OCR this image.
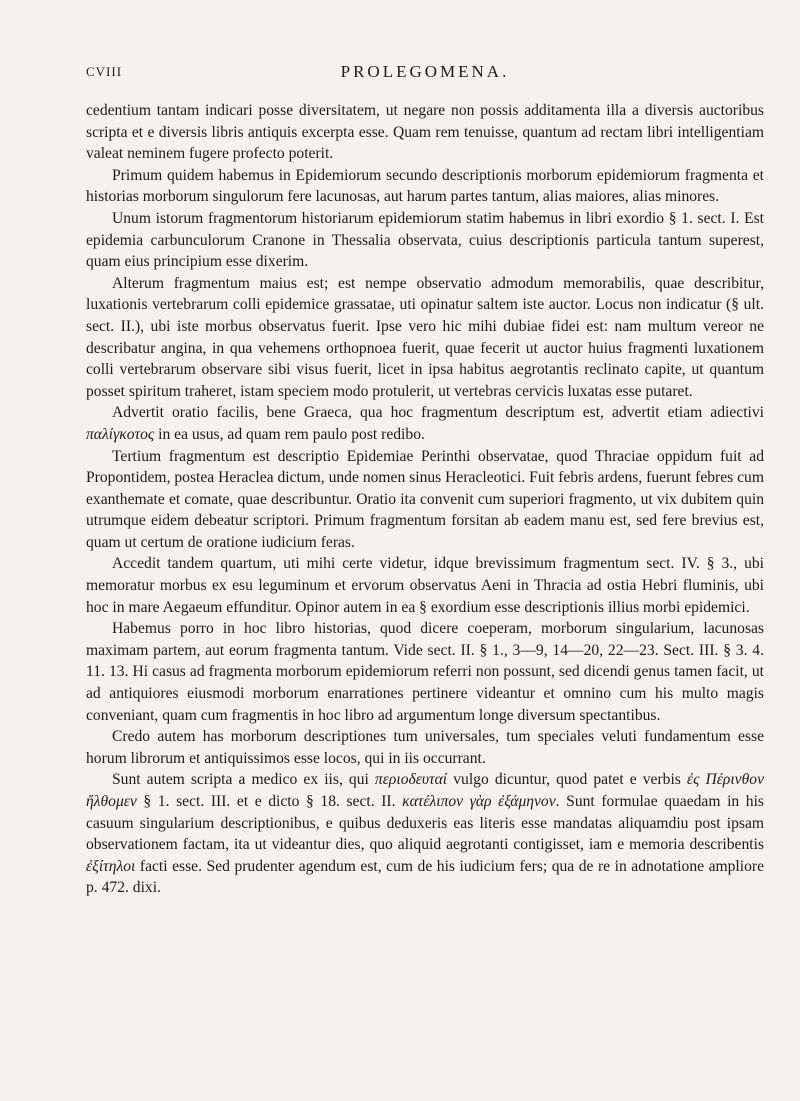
CVIII	PROLEGOMENA.

cedentium tantam indicari posse diversitatem, ut negare non possis additamenta illa a diversis auctoribus scripta et e diversis libris antiquis excerpta esse. Quam rem tenuisse, quantum ad rectam libri intelligentiam valeat neminem fugere profecto poterit.

Primum quidem habemus in Epidemiorum secundo descriptionis morborum epidemiorum fragmenta et historias morborum singulorum fere lacunosas, aut harum partes tantum, alias maiores, alias minores.

Unum istorum fragmentorum historiarum epidemiorum statim habemus in libri exordio § 1. sect. I. Est epidemia carbunculorum Cranone in Thessalia observata, cuius descriptionis particula tantum superest, quam eius principium esse dixerim.

Alterum fragmentum maius est; est nempe observatio admodum memorabilis, quae describitur, luxationis vertebrarum colli epidemice grassatae, uti opinatur saltem iste auctor. Locus non indicatur (§ ult. sect. II.), ubi iste morbus observatus fuerit. Ipse vero hic mihi dubiae fidei est: nam multum vereor ne describatur angina, in qua vehemens orthopnoea fuerit, quae fecerit ut auctor huius fragmenti luxationem colli vertebrarum observare sibi visus fuerit, licet in ipsa habitus aegrotantis reclinato capite, ut quantum posset spiritum traheret, istam speciem modo protulerit, ut vertebras cervicis luxatas esse putaret.

Advertit oratio facilis, bene Graeca, qua hoc fragmentum descriptum est, advertit etiam adiectivi παλίγκοτος in ea usus, ad quam rem paulo post redibo.

Tertium fragmentum est descriptio Epidemiae Perinthi observatae, quod Thraciae oppidum fuit ad Propontidem, postea Heraclea dictum, unde nomen sinus Heracleotici. Fuit febris ardens, fuerunt febres cum exanthemate et comate, quae describuntur. Oratio ita convenit cum superiori fragmento, ut vix dubitem quin utrumque eidem debeatur scriptori. Primum fragmentum forsitan ab eadem manu est, sed fere brevius est, quam ut certum de oratione iudicium feras.

Accedit tandem quartum, uti mihi certe videtur, idque brevissimum fragmentum sect. IV. § 3., ubi memoratur morbus ex esu leguminum et ervorum observatus Aeni in Thracia ad ostia Hebri fluminis, ubi hoc in mare Aegaeum effunditur. Opinor autem in ea § exordium esse descriptionis illius morbi epidemici.

Habemus porro in hoc libro historias, quod dicere coeperam, morborum singularium, lacunosas maximam partem, aut eorum fragmenta tantum. Vide sect. II. § 1., 3—9, 14—20, 22—23. Sect. III. § 3. 4. 11. 13. Hi casus ad fragmenta morborum epidemiorum referri non possunt, sed dicendi genus tamen facit, ut ad antiquiores eiusmodi morborum enarrationes pertinere videantur et omnino cum his multo magis conveniant, quam cum fragmentis in hoc libro ad argumentum longe diversum spectantibus.

Credo autem has morborum descriptiones tum universales, tum speciales veluti fundamentum esse horum librorum et antiquissimos esse locos, qui in iis occurrant.

Sunt autem scripta a medico ex iis, qui περιοδευταί vulgo dicuntur, quod patet e verbis ἐς Πέρινθον ἤλθομεν § 1. sect. III. et e dicto § 18. sect. II. κατέλιπον γὰρ ἐξάμηνον. Sunt formulae quaedam in his casuum singularium descriptionibus, e quibus deduxeris eas literis esse mandatas aliquamdiu post ipsam observationem factam, ita ut videantur dies, quo aliquid aegrotanti contigisset, iam e memoria describentis ἐξίτηλοι facti esse. Sed prudenter agendum est, cum de his iudicium fers; qua de re in adnotatione ampliore p. 472. dixi.
